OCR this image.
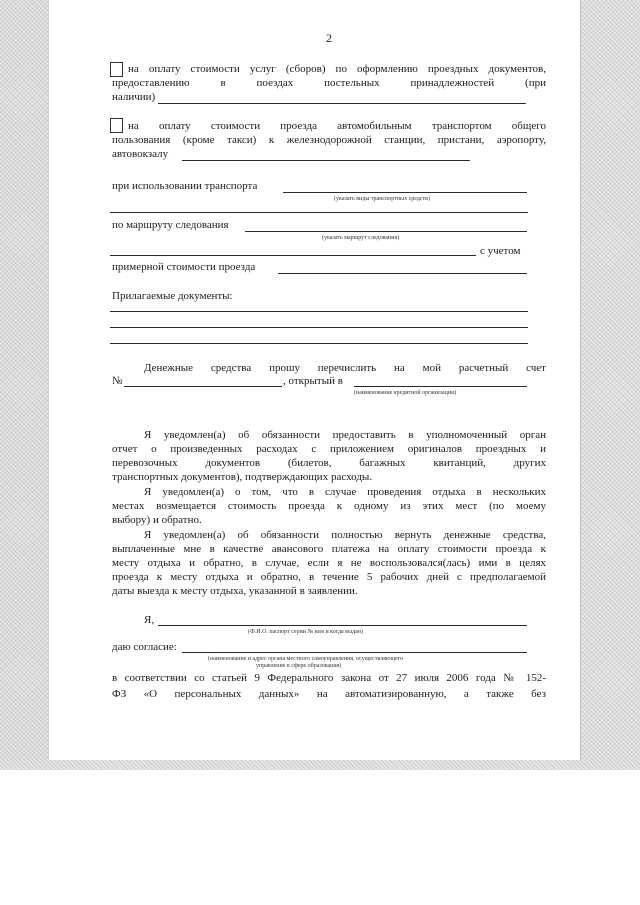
2
на оплату стоимости услуг (сборов) по оформлению проездных документов,
предоставлению в поездах постельных принадлежностей (при
наличии)
на оплату стоимости проезда автомобильным транспортом общего
пользования (кроме такси) к железнодорожной станции, пристани, аэропорту,
автовокзалу
при использовании транспорта
(указать виды транспортных средств)
по маршруту следования
(указать маршрут следования)
с учетом
примерной стоимости проезда
Прилагаемые документы:
Денежные средства прошу перечислить на мой расчетный счет
№	, открытый в
(наименование кредитной организации)
Я уведомлен(а) об обязанности предоставить в уполномоченный орган
отчет о произведенных расходах с приложением оригиналов проездных и
перевозочных документов (билетов, багажных квитанций, других
транспортных документов), подтверждающих расходы.
Я уведомлен(а) о том, что в случае проведения отдыха в нескольких
местах возмещается стоимость проезда к одному из этих мест (по моему
выбору) и обратно.
Я уведомлен(а) об обязанности полностью вернуть денежные средства,
выплаченные мне в качестве авансового платежа на оплату стоимости проезда к
месту отдыха и обратно, в случае, если я не воспользовался(лась) ими в целях
проезда к месту отдыха и обратно, в течение 5 рабочих дней с предполагаемой
даты выезда к месту отдыха, указанной в заявлении.
Я,
(Ф.И.О. паспорт серии № кем и когда выдан)
даю согласие:
(наименование и адрес органа местного самоуправления, осуществляющего
управление в сфере образования)
в соответствии со статьей 9 Федерального закона от 27 июля 2006 года № 152-
ФЗ «О персональных данных» на автоматизированную, а также без
